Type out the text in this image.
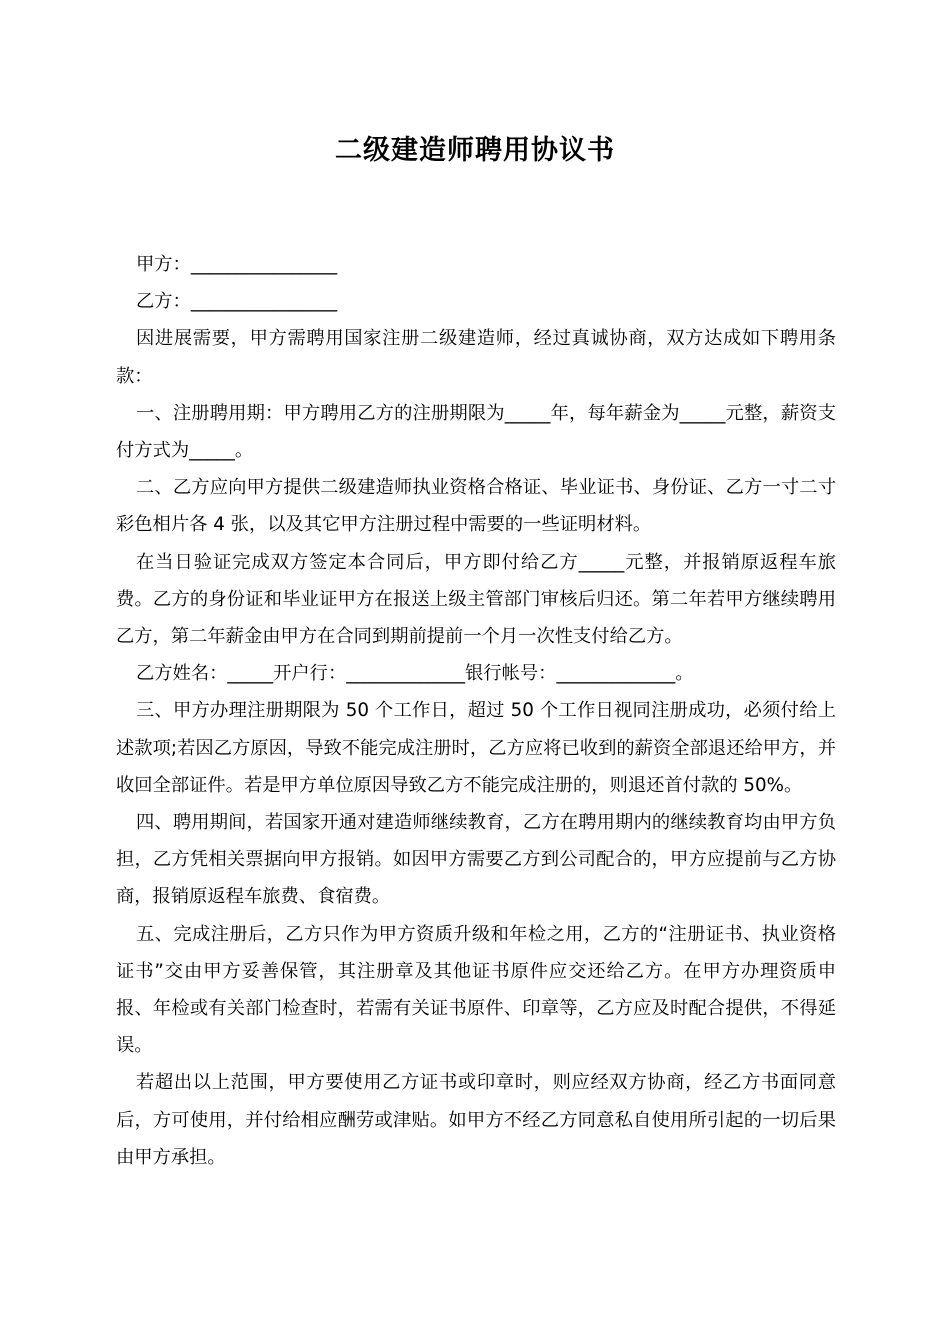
二级建造师聘用协议书

甲方：________________

乙方：________________

因进展需要，甲方需聘用国家注册二级建造师，经过真诚协商，双方达成如下聘用条款：

一、注册聘用期：甲方聘用乙方的注册期限为_____年，每年薪金为_____元整，薪资支付方式为_____。

二、乙方应向甲方提供二级建造师执业资格合格证、毕业证书、身份证、乙方一寸二寸彩色相片各 4 张，以及其它甲方注册过程中需要的一些证明材料。

在当日验证完成双方签定本合同后，甲方即付给乙方_____元整，并报销原返程车旅费。乙方的身份证和毕业证甲方在报送上级主管部门审核后归还。第二年若甲方继续聘用乙方，第二年薪金由甲方在合同到期前提前一个月一次性支付给乙方。

乙方姓名：_____开户行：_____________银行帐号：_____________。

三、甲方办理注册期限为 50 个工作日，超过 50 个工作日视同注册成功，必须付给上述款项;若因乙方原因，导致不能完成注册时，乙方应将已收到的薪资全部退还给甲方，并收回全部证件。若是甲方单位原因导致乙方不能完成注册的，则退还首付款的 50%。

四、聘用期间，若国家开通对建造师继续教育，乙方在聘用期内的继续教育均由甲方负担，乙方凭相关票据向甲方报销。如因甲方需要乙方到公司配合的，甲方应提前与乙方协商，报销原返程车旅费、食宿费。

五、完成注册后，乙方只作为甲方资质升级和年检之用，乙方的“注册证书、执业资格证书”交由甲方妥善保管，其注册章及其他证书原件应交还给乙方。在甲方办理资质申报、年检或有关部门检查时，若需有关证书原件、印章等，乙方应及时配合提供，不得延误。

若超出以上范围，甲方要使用乙方证书或印章时，则应经双方协商，经乙方书面同意后，方可使用，并付给相应酬劳或津贴。如甲方不经乙方同意私自使用所引起的一切后果由甲方承担。
